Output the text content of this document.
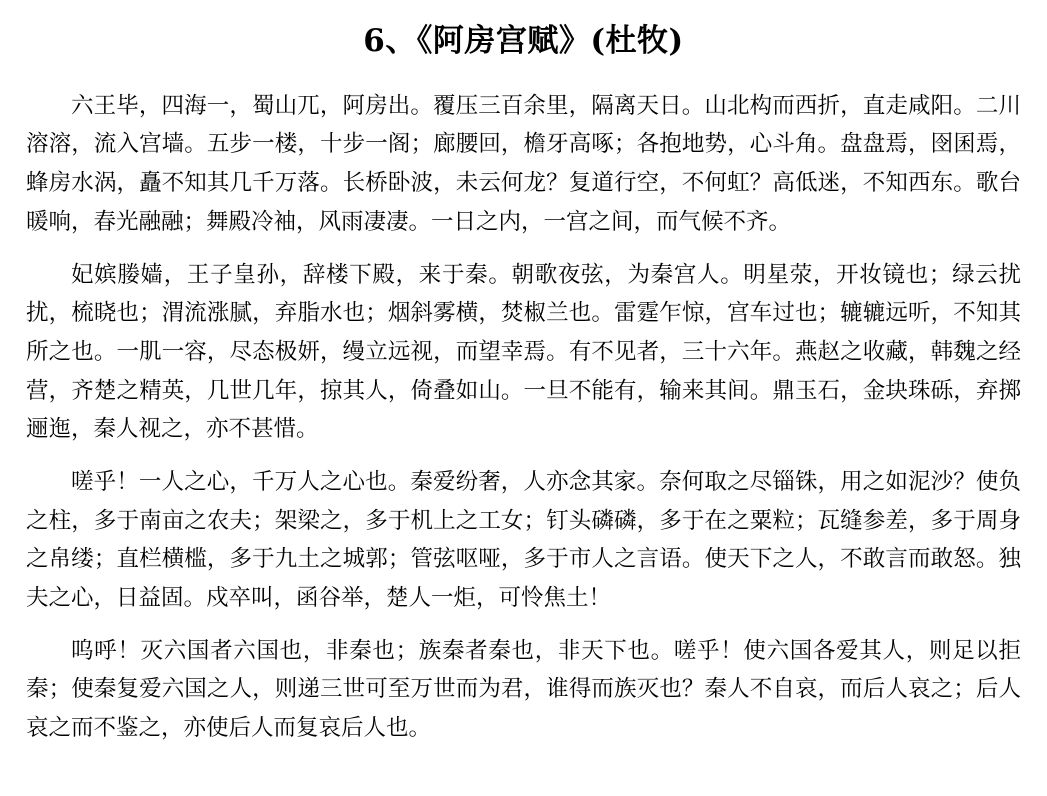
6、《阿房宫赋》(杜牧)

六王毕，四海一，蜀山兀，阿房出。覆压三百余里，隔离天日。山北构而西折，直走咸阳。二川溶溶，流入宫墙。五步一楼，十步一阁；廊腰回，檐牙高啄；各抱地势，心斗角。盘盘焉，囹囷焉，蜂房水涡，矗不知其几千万落。长桥卧波，未云何龙？复道行空，不何虹？高低迷，不知西东。歌台暖响，春光融融；舞殿冷袖，风雨凄凄。一日之内，一宫之间，而气候不齐。

妃嫔媵嫱，王子皇孙，辞楼下殿，来于秦。朝歌夜弦，为秦宫人。明星荥，开妆镜也；绿云扰扰，梳晓也；渭流涨腻，弃脂水也；烟斜雾横，焚椒兰也。雷霆乍惊，宫车过也；辘辘远听，不知其所之也。一肌一容，尽态极妍，缦立远视，而望幸焉。有不见者，三十六年。燕赵之收藏，韩魏之经营，齐楚之精英，几世几年，掠其人，倚叠如山。一旦不能有，输来其间。鼎玉石，金块珠砾，弃掷逦迤，秦人视之，亦不甚惜。

嗟乎！一人之心，千万人之心也。秦爱纷奢，人亦念其家。奈何取之尽锱铢，用之如泥沙？使负之柱，多于南亩之农夫；架梁之，多于机上之工女；钉头磷磷，多于在之粟粒；瓦缝参差，多于周身之帛缕；直栏横槛，多于九土之城郭；管弦呕哑，多于市人之言语。使天下之人，不敢言而敢怒。独夫之心，日益固。戍卒叫，函谷举，楚人一炬，可怜焦土！

呜呼！灭六国者六国也，非秦也；族秦者秦也，非天下也。嗟乎！使六国各爱其人，则足以拒秦；使秦复爱六国之人，则递三世可至万世而为君，谁得而族灭也？秦人不自哀，而后人哀之；后人哀之而不鉴之，亦使后人而复哀后人也。
